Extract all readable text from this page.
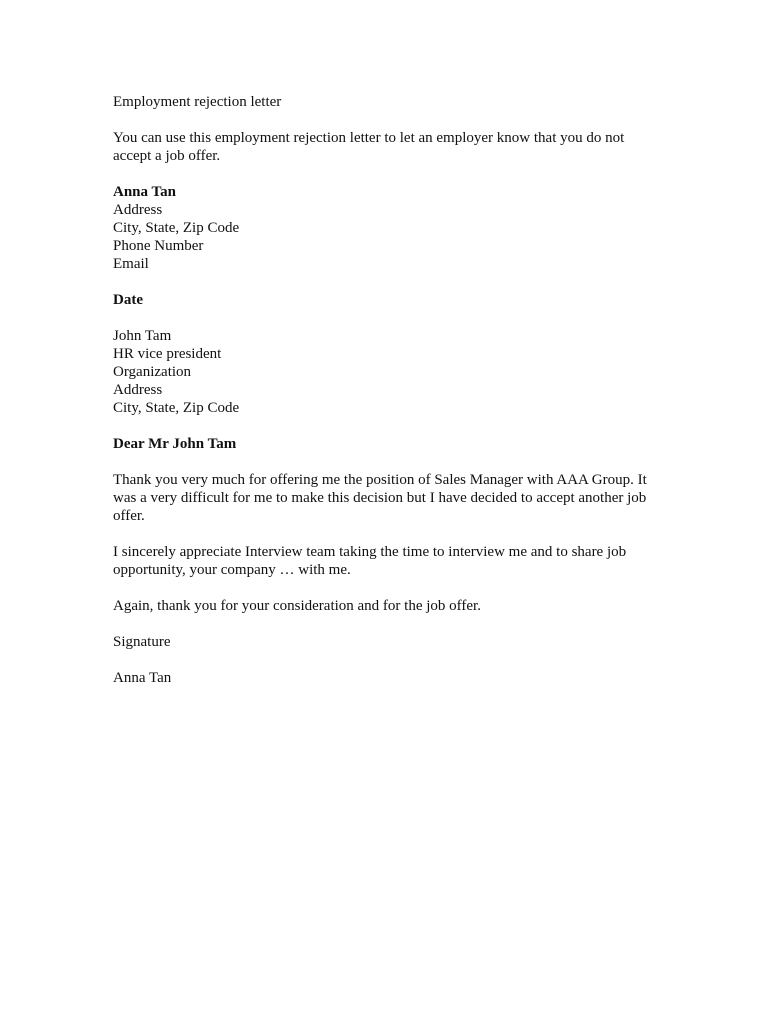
Employment rejection letter

You can use this employment rejection letter to let an employer know that you do not accept a job offer.

Anna Tan
Address
City, State, Zip Code
Phone Number
Email

Date

John Tam
HR vice president
Organization
Address
City, State, Zip Code

Dear Mr John Tam

Thank you very much for offering me the position of Sales Manager with AAA Group. It was a very difficult for me to make this decision but I have decided to accept another job offer.

I sincerely appreciate Interview team taking the time to interview me and to share job opportunity, your company … with me.

Again, thank you for your consideration and for the job offer.

Signature

Anna Tan
